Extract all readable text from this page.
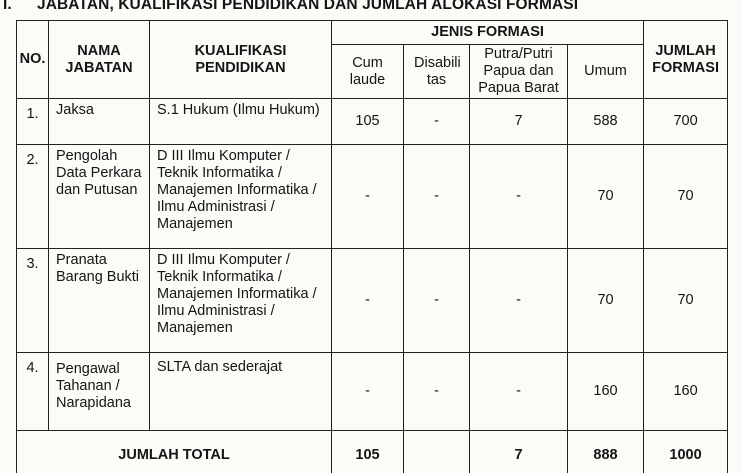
I. JABATAN, KUALIFIKASI PENDIDIKAN DAN JUMLAH ALOKASI FORMASI
NO.	NAMA JABATAN	KUALIFIKASI PENDIDIKAN	JENIS FORMASI				JUMLAH FORMASI
			Cum laude	Disabili tas	Putra/Putri Papua dan Papua Barat	Umum	
1.	Jaksa	S.1 Hukum (Ilmu Hukum)	105	-	7	588	700
2.	Pengolah Data Perkara dan Putusan	D III Ilmu Komputer / Teknik Informatika / Manajemen Informatika / Ilmu Administrasi / Manajemen	-	-	-	70	70
3.	Pranata Barang Bukti	D III Ilmu Komputer / Teknik Informatika / Manajemen Informatika / Ilmu Administrasi / Manajemen	-	-	-	70	70
4.	Pengawal Tahanan / Narapidana	SLTA dan sederajat	-	-	-	160	160
JUMLAH TOTAL			105		7	888	1000
